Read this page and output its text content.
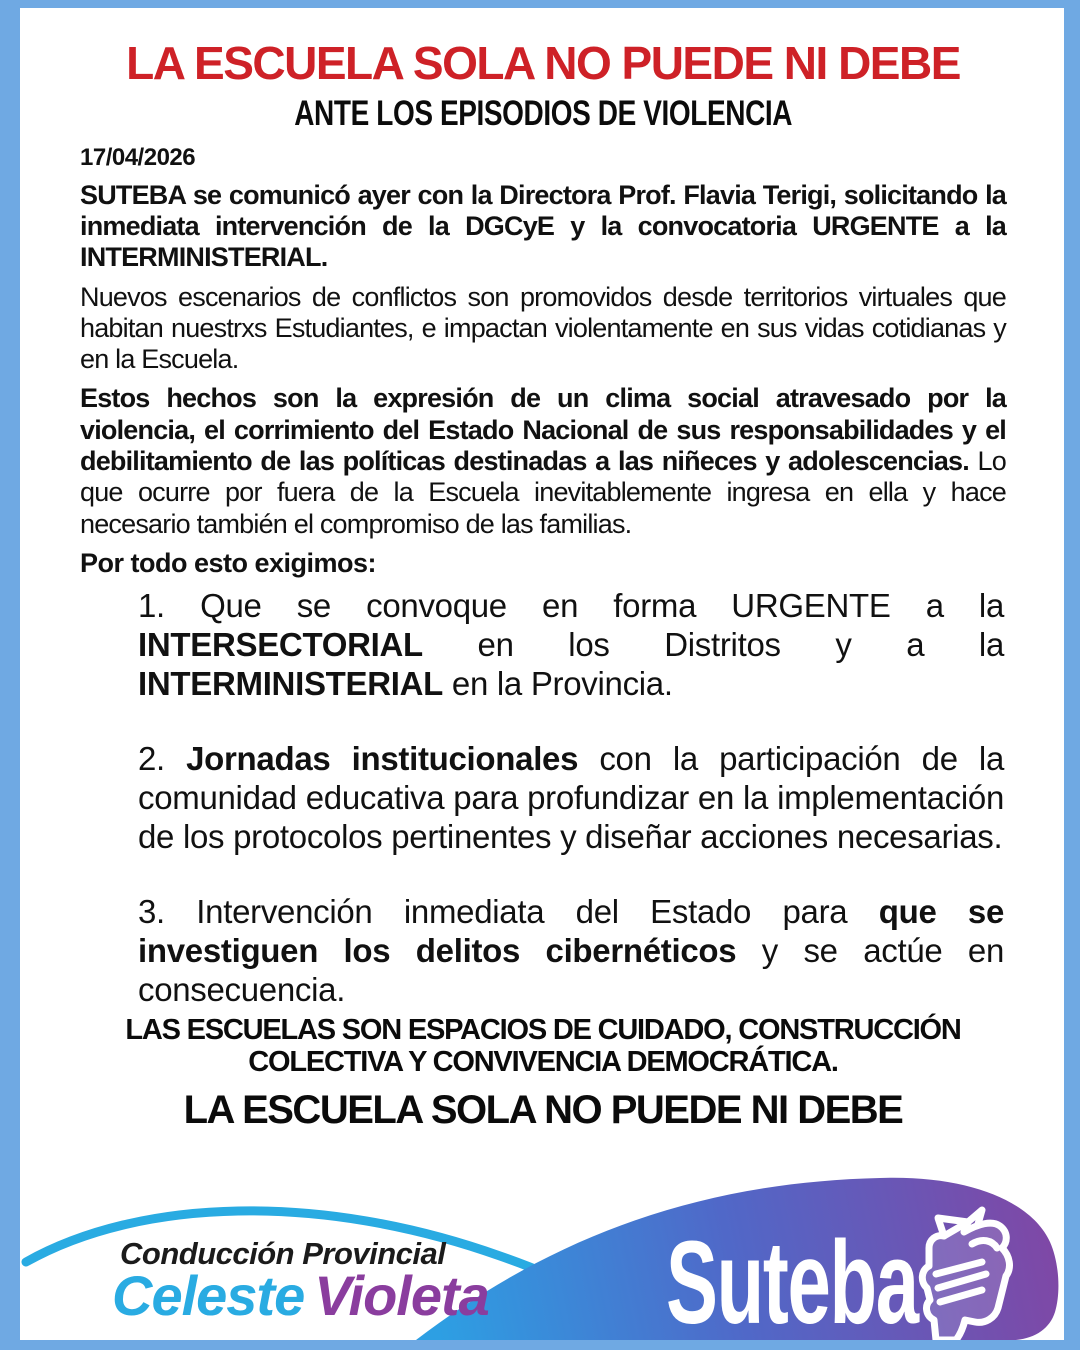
LA ESCUELA SOLA NO PUEDE NI DEBE
ANTE LOS EPISODIOS DE VIOLENCIA
17/04/2026

SUTEBA se comunicó ayer con la Directora Prof. Flavia Terigi, solicitando la inmediata intervención de la DGCyE y la convocatoria URGENTE a la INTERMINISTERIAL.

Nuevos escenarios de conflictos son promovidos desde territorios virtuales que habitan nuestrxs Estudiantes, e impactan violentamente en sus vidas cotidianas y en la Escuela.

Estos hechos son la expresión de un clima social atravesado por la violencia, el corrimiento del Estado Nacional de sus responsabilidades y el debilitamiento de las políticas destinadas a las niñeces y adolescencias. Lo que ocurre por fuera de la Escuela inevitablemente ingresa en ella y hace necesario también el compromiso de las familias.

Por todo esto exigimos:

1. Que se convoque en forma URGENTE a la INTERSECTORIAL en los Distritos y a la INTERMINISTERIAL en la Provincia.

2. Jornadas institucionales con la participación de la comunidad educativa para profundizar en la implementación de los protocolos pertinentes y diseñar acciones necesarias.

3. Intervención inmediata del Estado para que se investiguen los delitos cibernéticos y se actúe en consecuencia.

LAS ESCUELAS SON ESPACIOS DE CUIDADO, CONSTRUCCIÓN COLECTIVA Y CONVIVENCIA DEMOCRÁTICA.
LA ESCUELA SOLA NO PUEDE NI DEBE
Conducción Provincial
Celeste Violeta Suteba
